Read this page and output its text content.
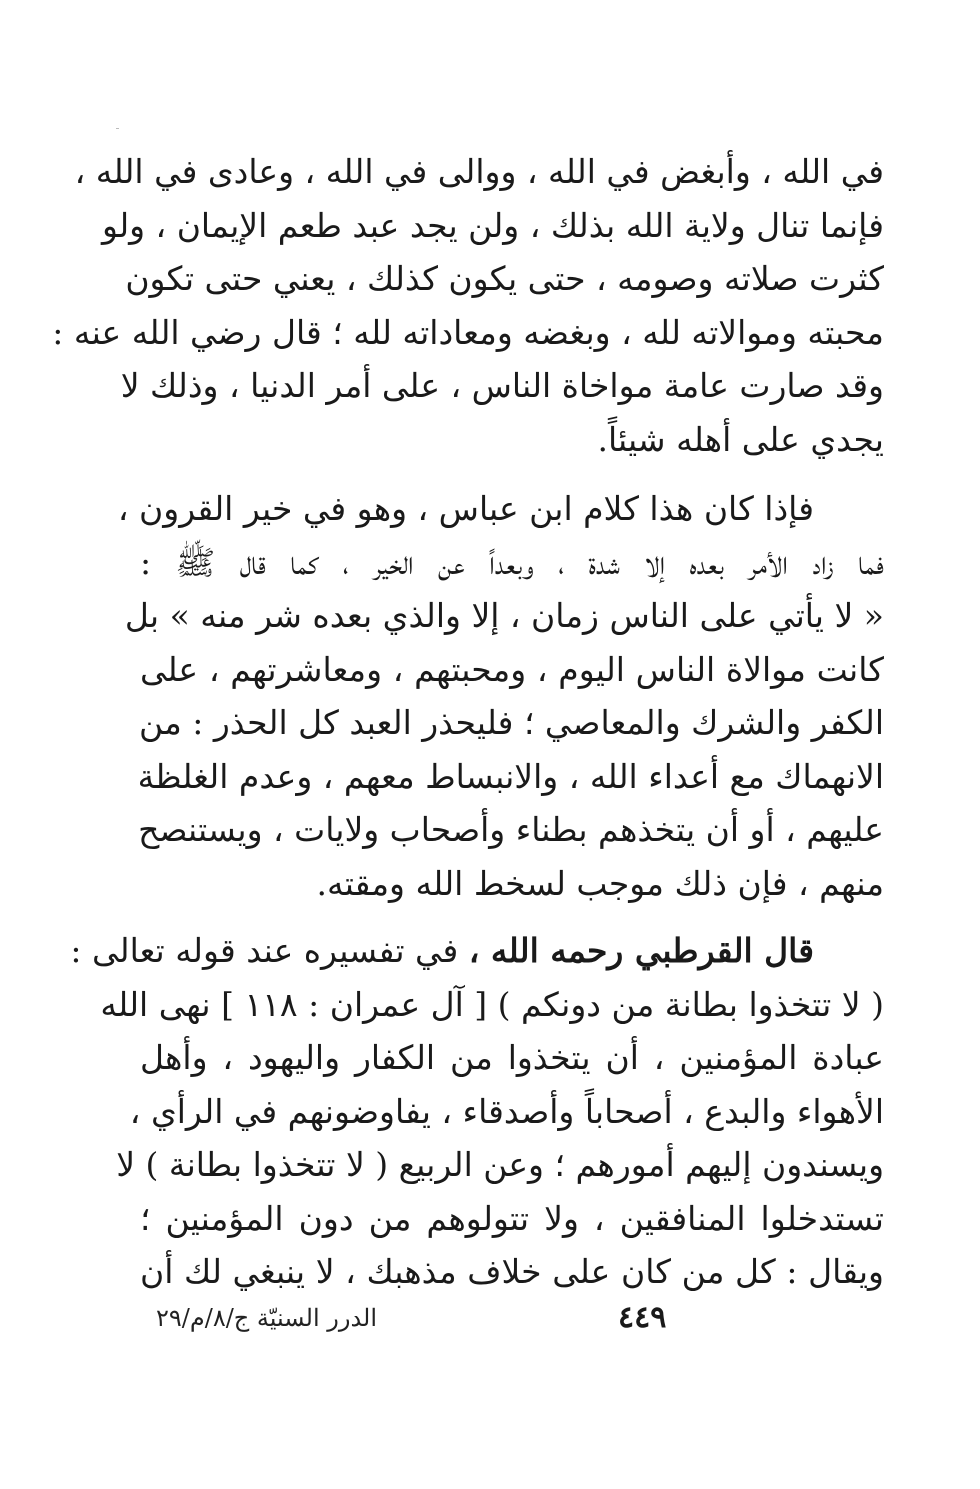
في الله ، وأبغض في الله ، ووالى في الله ، وعادى في الله ،
فإنما تنال ولاية الله بذلك ، ولن يجد عبد طعم الإيمان ، ولو
كثرت صلاته وصومه ، حتى يكون كذلك ، يعني حتى تكون
محبته وموالاته لله ، وبغضه ومعاداته لله ؛ قال رضي الله عنه :
وقد صارت عامة مواخاة الناس ، على أمر الدنيا ، وذلك لا
يجدي على أهله شيئاً.
فإذا كان هذا كلام ابن عباس ، وهو في خير القرون ،
فما زاد الأمر بعده إلا شدة ، وبعداً عن الخير ، كما قال ﷺ :
« لا يأتي على الناس زمان ، إلا والذي بعده شر منه » بل
كانت موالاة الناس اليوم ، ومحبتهم ، ومعاشرتهم ، على
الكفر والشرك والمعاصي ؛ فليحذر العبد كل الحذر : من
الانهماك مع أعداء الله ، والانبساط معهم ، وعدم الغلظة
عليهم ، أو أن يتخذهم بطناء وأصحاب ولايات ، ويستنصح
منهم ، فإن ذلك موجب لسخط الله ومقته.
قال القرطبي رحمه الله ، في تفسيره عند قوله تعالى :
( لا تتخذوا بطانة من دونكم ) [ آل عمران : ١١٨ ] نهى الله
عبادة المؤمنين ، أن يتخذوا من الكفار واليهود ، وأهل
الأهواء والبدع ، أصحاباً وأصدقاء ، يفاوضونهم في الرأي ،
ويسندون إليهم أمورهم ؛ وعن الربيع ( لا تتخذوا بطانة ) لا
تستدخلوا المنافقين ، ولا تتولوهم من دون المؤمنين ؛
ويقال : كل من كان على خلاف مذهبك ، لا ينبغي لك أن
٤٤٩
الدرر السنيّة ج/٨/م/٢٩
